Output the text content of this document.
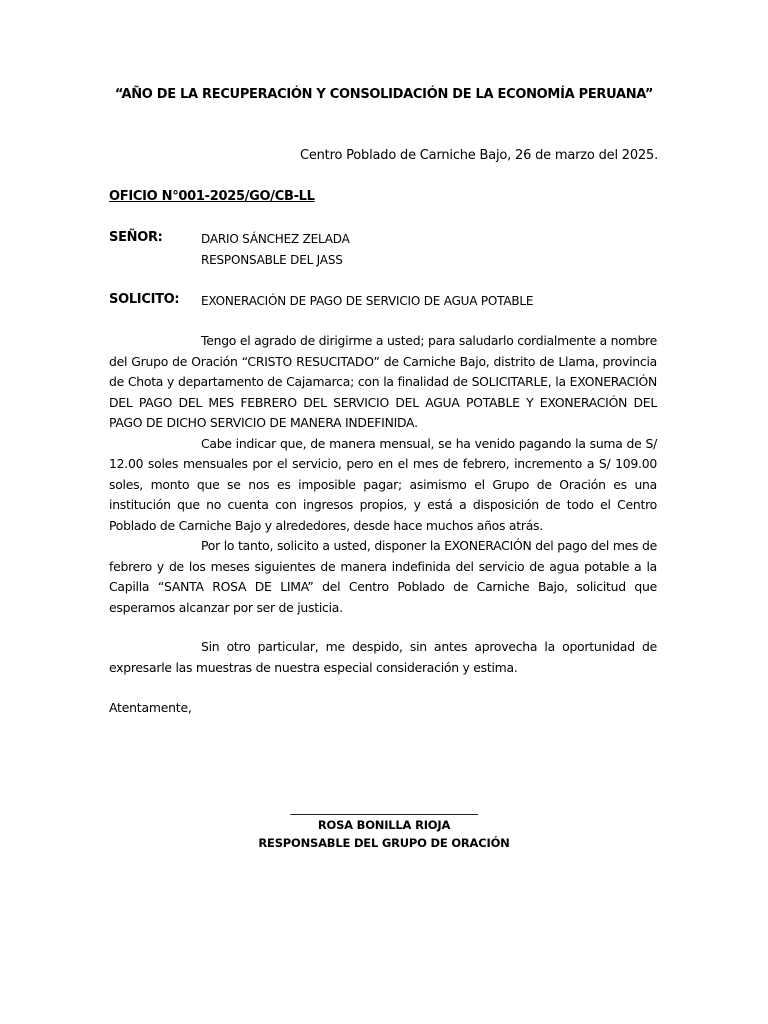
“AÑO DE LA RECUPERACIÓN Y CONSOLIDACIÓN DE LA ECONOMÍA PERUANA”
Centro Poblado de Carniche Bajo, 26 de marzo del 2025.
OFICIO N°001-2025/GO/CB-LL
SEÑOR:	DARIO SÁNCHEZ ZELADA
RESPONSABLE DEL JASS
SOLICITO: EXONERACIÓN DE PAGO DE SERVICIO DE AGUA POTABLE

Tengo el agrado de dirigirme a usted; para saludarlo cordialmente a nombre del Grupo de Oración “CRISTO RESUCITADO” de Carniche Bajo, distrito de Llama, provincia de Chota y departamento de Cajamarca; con la finalidad de SOLICITARLE, la EXONERACIÓN DEL PAGO DEL MES FEBRERO DEL SERVICIO DEL AGUA POTABLE Y EXONERACIÓN DEL PAGO DE DICHO SERVICIO DE MANERA INDEFINIDA.

Cabe indicar que, de manera mensual, se ha venido pagando la suma de S/ 12.00 soles mensuales por el servicio, pero en el mes de febrero, incremento a S/ 109.00 soles, monto que se nos es imposible pagar; asimismo el Grupo de Oración es una institución que no cuenta con ingresos propios, y está a disposición de todo el Centro Poblado de Carniche Bajo y alrededores, desde hace muchos años atrás.

Por lo tanto, solicito a usted, disponer la EXONERACIÓN del pago del mes de febrero y de los meses siguientes de manera indefinida del servicio de agua potable a la Capilla “SANTA ROSA DE LIMA” del Centro Poblado de Carniche Bajo, solicitud que esperamos alcanzar por ser de justicia.

Sin otro particular, me despido, sin antes aprovecha la oportunidad de expresarle las muestras de nuestra especial consideración y estima.

Atentamente,
__________________________________
ROSA BONILLA RIOJA
RESPONSABLE DEL GRUPO DE ORACIÓN
